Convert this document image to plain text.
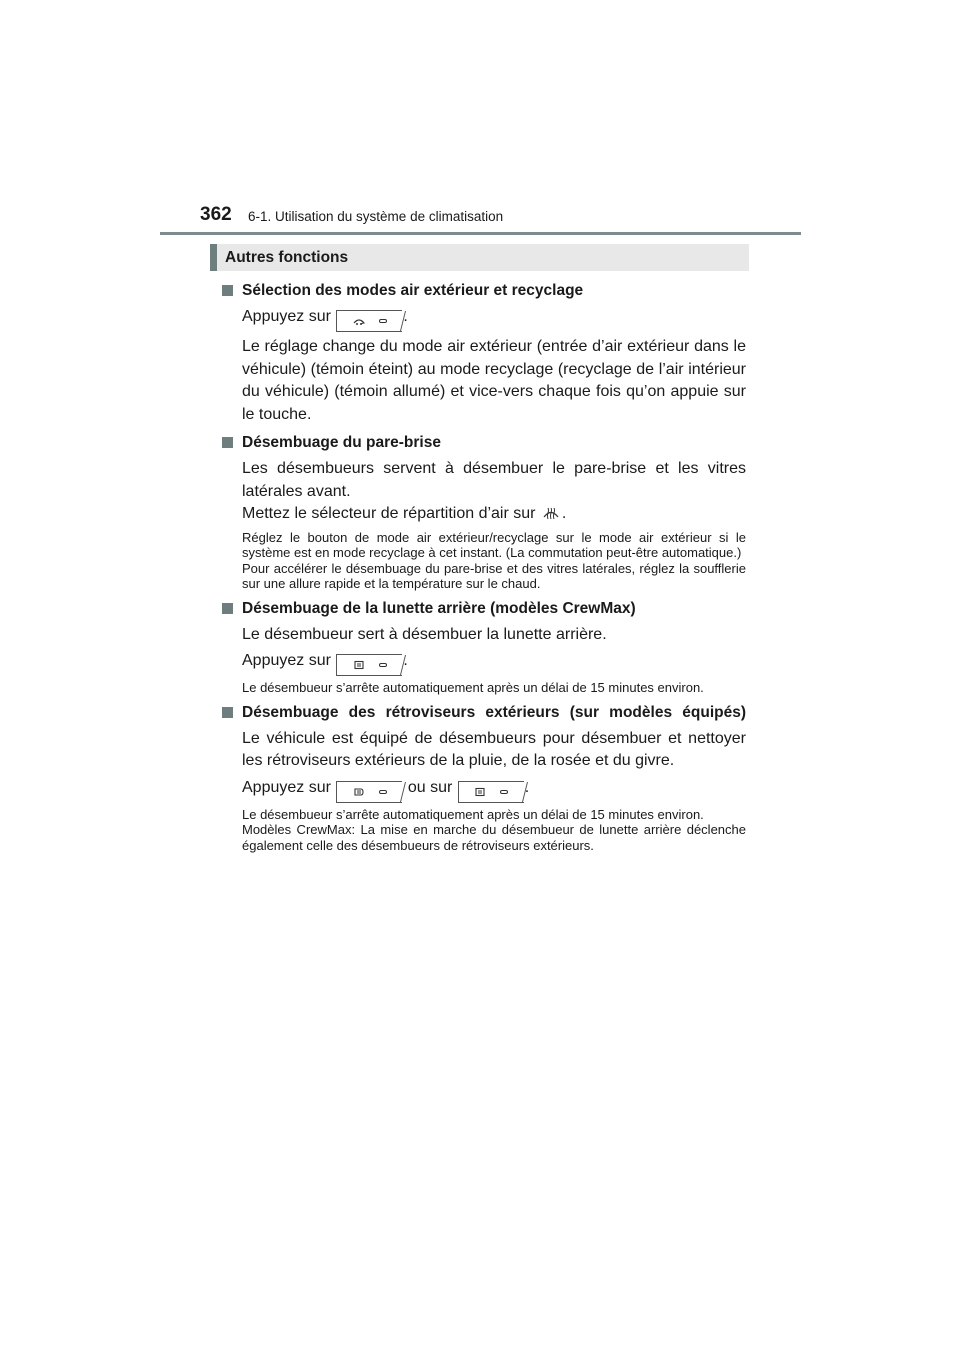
362 6-1. Utilisation du système de climatisation
Autres fonctions
Sélection des modes air extérieur et recyclage
Appuyez sur	.
Le réglage change du mode air extérieur (entrée d’air extérieur dans le véhicule) (témoin éteint) au mode recyclage (recyclage de l’air intérieur du véhicule) (témoin allumé) et vice-vers chaque fois qu’on appuie sur le touche.
Désembuage du pare-brise
Les désembueurs servent à désembuer le pare-brise et les vitres latérales avant.
Mettez le sélecteur de répartition d’air sur .
Réglez le bouton de mode air extérieur/recyclage sur le mode air extérieur si le système est en mode recyclage à cet instant. (La commutation peut-être automatique.)
Pour accélérer le désembuage du pare-brise et des vitres latérales, réglez la soufflerie sur une allure rapide et la température sur le chaud.
Désembuage de la lunette arrière (modèles CrewMax)
Le désembueur sert à désembuer la lunette arrière.
Appuyez sur	.
Le désembueur s’arrête automatiquement après un délai de 15 minutes environ.
Désembuage des rétroviseurs extérieurs (sur modèles équipés)
Le véhicule est équipé de désembueurs pour désembuer et nettoyer les rétroviseurs extérieurs de la pluie, de la rosée et du givre.
Appuyez sur	ou sur	.
Le désembueur s’arrête automatiquement après un délai de 15 minutes environ.
Modèles CrewMax: La mise en marche du désembueur de lunette arrière déclenche également celle des désembueurs de rétroviseurs extérieurs.
